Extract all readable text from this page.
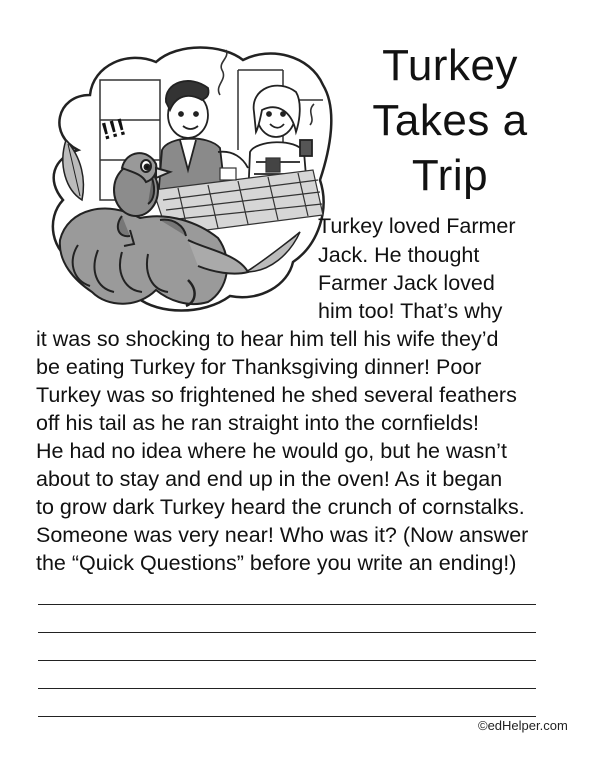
!!!
Turkey
Takes a
Trip
Turkey loved Farmer
Jack. He thought
Farmer Jack loved
him too! That’s why
it was so shocking to hear him tell his wife they’d
be eating Turkey for Thanksgiving dinner! Poor
Turkey was so frightened he shed several feathers
off his tail as he ran straight into the cornfields!
He had no idea where he would go, but he wasn’t
about to stay and end up in the oven! As it began
to grow dark Turkey heard the crunch of cornstalks.
Someone was very near! Who was it? (Now answer
the “Quick Questions” before you write an ending!)
©edHelper.com
